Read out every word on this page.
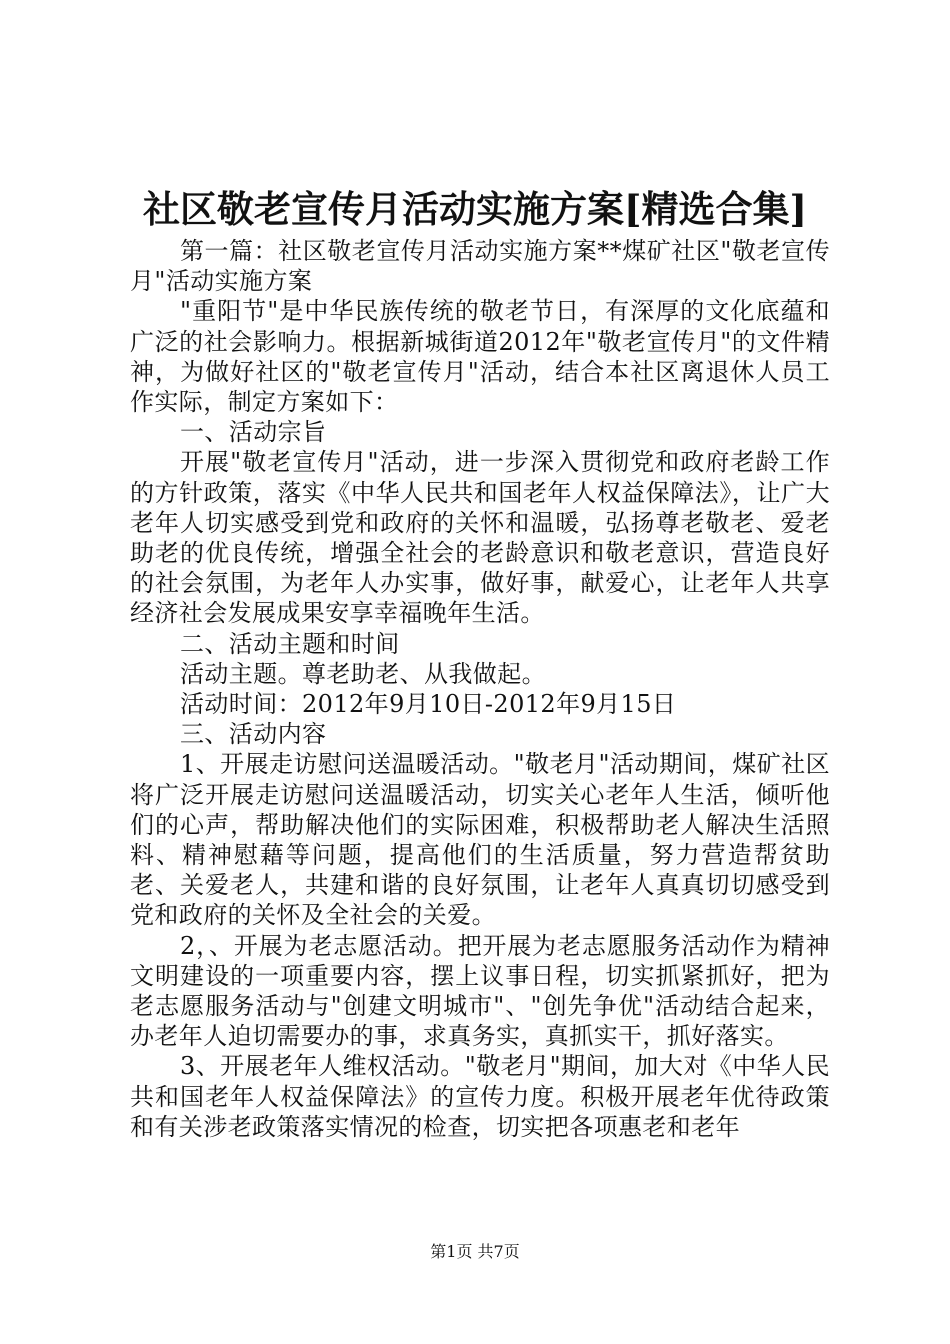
社区敬老宣传月活动实施方案[精选合集]

第一篇：社区敬老宣传月活动实施方案**煤矿社区"敬老宣传月"活动实施方案

"重阳节"是中华民族传统的敬老节日，有深厚的文化底蕴和广泛的社会影响力。根据新城街道2012年"敬老宣传月"的文件精神，为做好社区的"敬老宣传月"活动，结合本社区离退休人员工作实际，制定方案如下：

一、活动宗旨

开展"敬老宣传月"活动，进一步深入贯彻党和政府老龄工作的方针政策，落实《中华人民共和国老年人权益保障法》，让广大老年人切实感受到党和政府的关怀和温暖，弘扬尊老敬老、爱老助老的优良传统，增强全社会的老龄意识和敬老意识，营造良好的社会氛围，为老年人办实事，做好事，献爱心，让老年人共享经济社会发展成果安享幸福晚年生活。

二、活动主题和时间

活动主题。尊老助老、从我做起。

活动时间：2012年9月10日-2012年9月15日

三、活动内容

1、开展走访慰问送温暖活动。"敬老月"活动期间，煤矿社区将广泛开展走访慰问送温暖活动，切实关心老年人生活，倾听他们的心声，帮助解决他们的实际困难，积极帮助老人解决生活照料、精神慰藉等问题，提高他们的生活质量，努力营造帮贫助老、关爱老人，共建和谐的良好氛围，让老年人真真切切感受到党和政府的关怀及全社会的关爱。

2，、开展为老志愿活动。把开展为老志愿服务活动作为精神文明建设的一项重要内容，摆上议事日程，切实抓紧抓好，把为老志愿服务活动与"创建文明城市"、"创先争优"活动结合起来，办老年人迫切需要办的事，求真务实，真抓实干，抓好落实。

3、开展老年人维权活动。"敬老月"期间，加大对《中华人民共和国老年人权益保障法》的宣传力度。积极开展老年优待政策和有关涉老政策落实情况的检查，切实把各项惠老和老年

第1页 共7页
